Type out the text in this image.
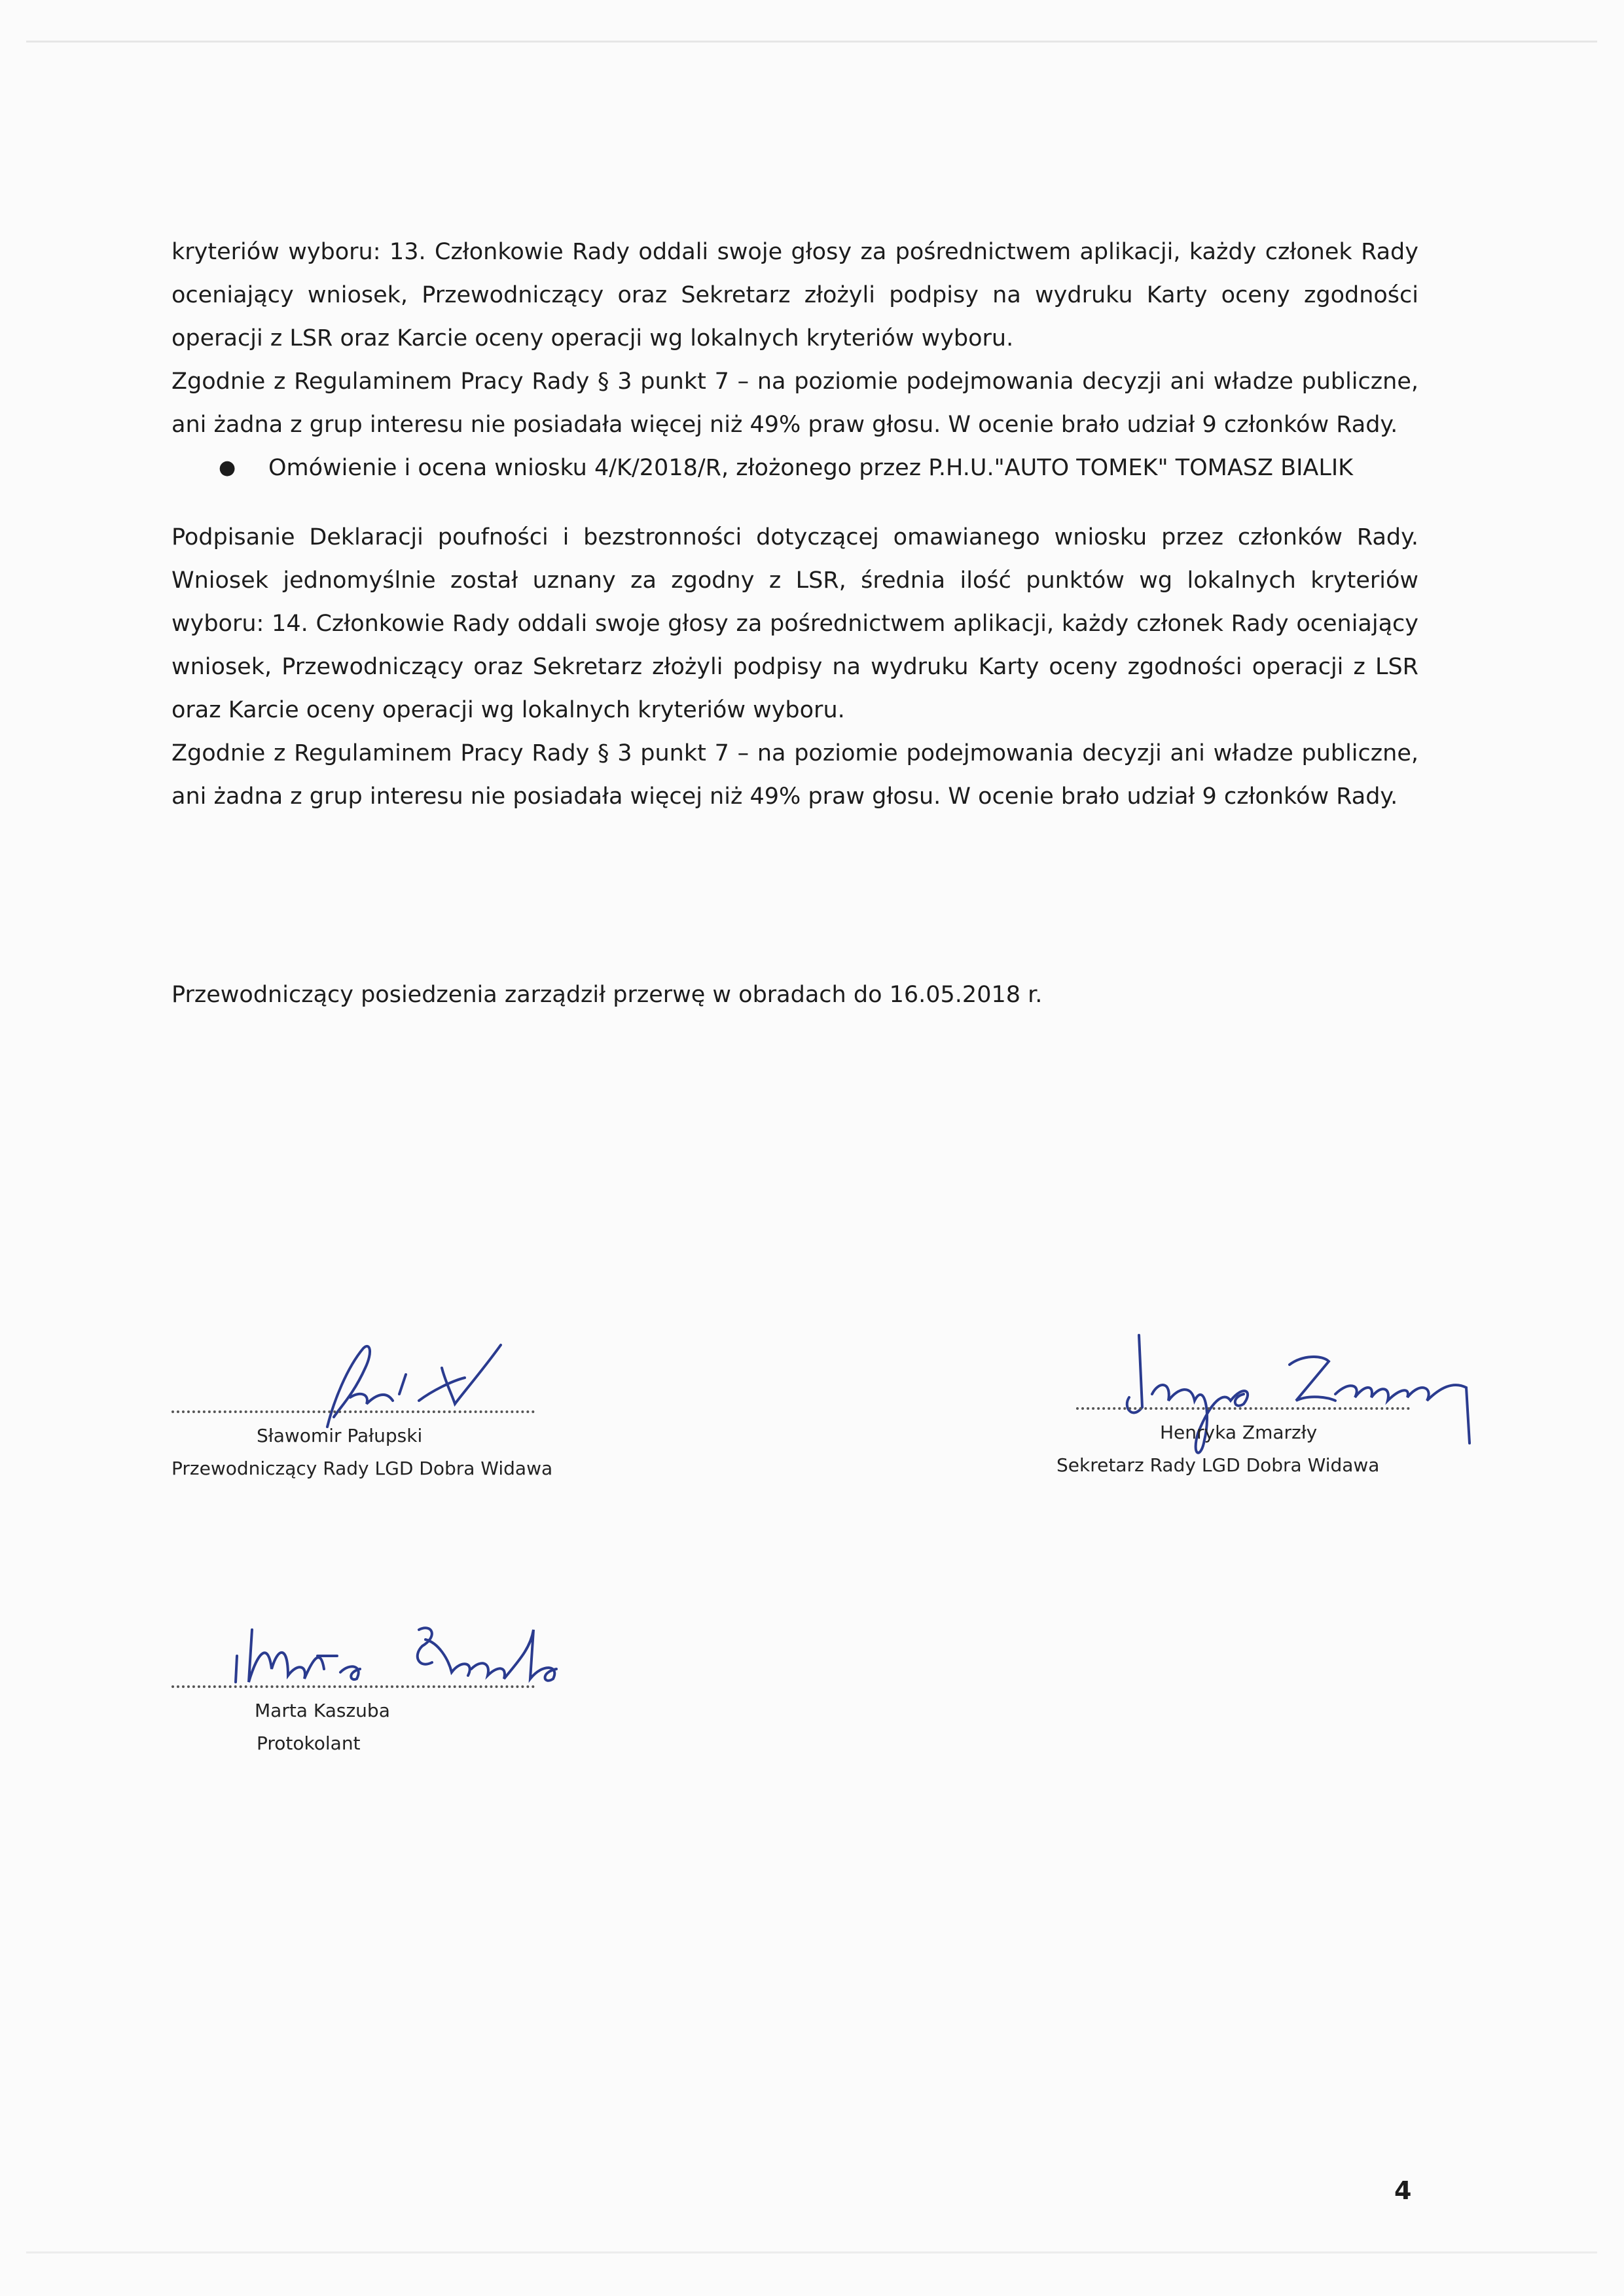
kryteriów wyboru: 13. Członkowie Rady oddali swoje głosy za pośrednictwem aplikacji, każdy członek Rady oceniający wniosek, Przewodniczący oraz Sekretarz złożyli podpisy na wydruku Karty oceny zgodności operacji z LSR oraz Karcie oceny operacji wg lokalnych kryteriów wyboru.

Zgodnie z Regulaminem Pracy Rady § 3 punkt 7 – na poziomie podejmowania decyzji ani władze publiczne, ani żadna z grup interesu nie posiadała więcej niż 49% praw głosu. W ocenie brało udział 9 członków Rady.

●	Omówienie i ocena wniosku 4/K/2018/R, złożonego przez P.H.U."AUTO TOMEK" TOMASZ BIALIK

Podpisanie Deklaracji poufności i bezstronności dotyczącej omawianego wniosku przez członków Rady. Wniosek jednomyślnie został uznany za zgodny z LSR, średnia ilość punktów wg lokalnych kryteriów wyboru: 14. Członkowie Rady oddali swoje głosy za pośrednictwem aplikacji, każdy członek Rady oceniający wniosek, Przewodniczący oraz Sekretarz złożyli podpisy na wydruku Karty oceny zgodności operacji z LSR oraz Karcie oceny operacji wg lokalnych kryteriów wyboru.

Zgodnie z Regulaminem Pracy Rady § 3 punkt 7 – na poziomie podejmowania decyzji ani władze publiczne, ani żadna z grup interesu nie posiadała więcej niż 49% praw głosu. W ocenie brało udział 9 członków Rady.

Przewodniczący posiedzenia zarządził przerwę w obradach do 16.05.2018 r.
Sławomir Pałupski
Przewodniczący Rady LGD Dobra Widawa
Henryka Zmarzły
Sekretarz Rady LGD Dobra Widawa
Marta Kaszuba
Protokolant
4
